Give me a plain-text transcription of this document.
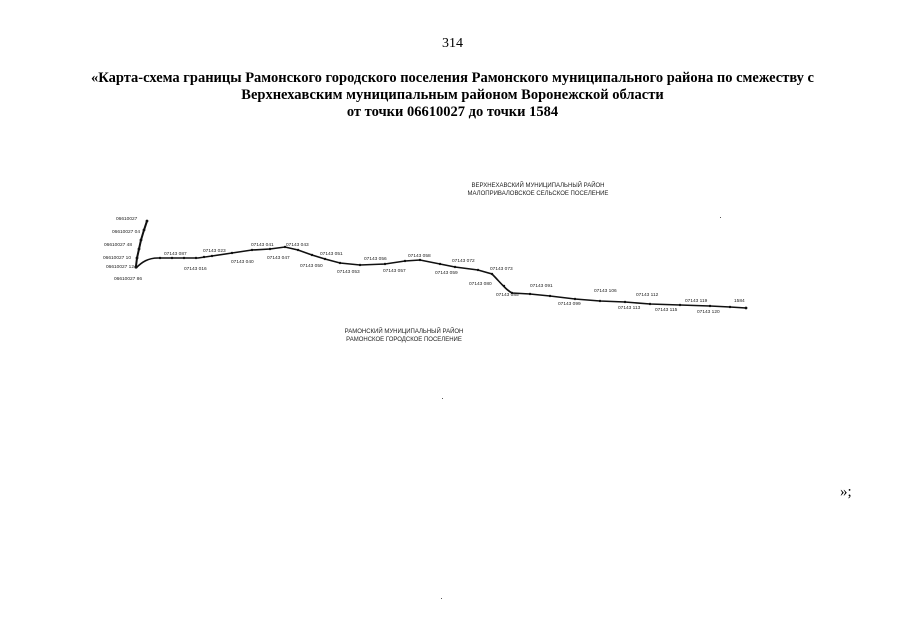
314
«Карта-схема границы Рамонского городского поселения Рамонского муниципального района по смежеству с
Верхнехавским муниципальным районом Воронежской области
от точки 06610027 до точки 1584
ВЕРХНЕХАВСКИЙ МУНИЦИПАЛЬНЫЙ РАЙОН
МАЛОПРИВАЛОВСКОЕ СЕЛЬСКОЕ ПОСЕЛЕНИЕ
РАМОНСКИЙ МУНИЦИПАЛЬНЫЙ РАЙОН
РАМОНСКОЕ ГОРОДСКОЕ ПОСЕЛЕНИЕ
06610027
06610027 04
06610027 48
06610027 10
06610027 12
06610027 86
07143 087
07143 016
07143 023
07143 040
07143 041
07143 047
07143 043
07143 050
07143 051
07143 053
07143 056
07143 057
07143 058
07143 059
07143 072
07143 073
07143 080
07143 085
07143 091
07143 099
07143 106
07143 112
07143 113	07143 115
07143 119
07143 120
1584
»;
